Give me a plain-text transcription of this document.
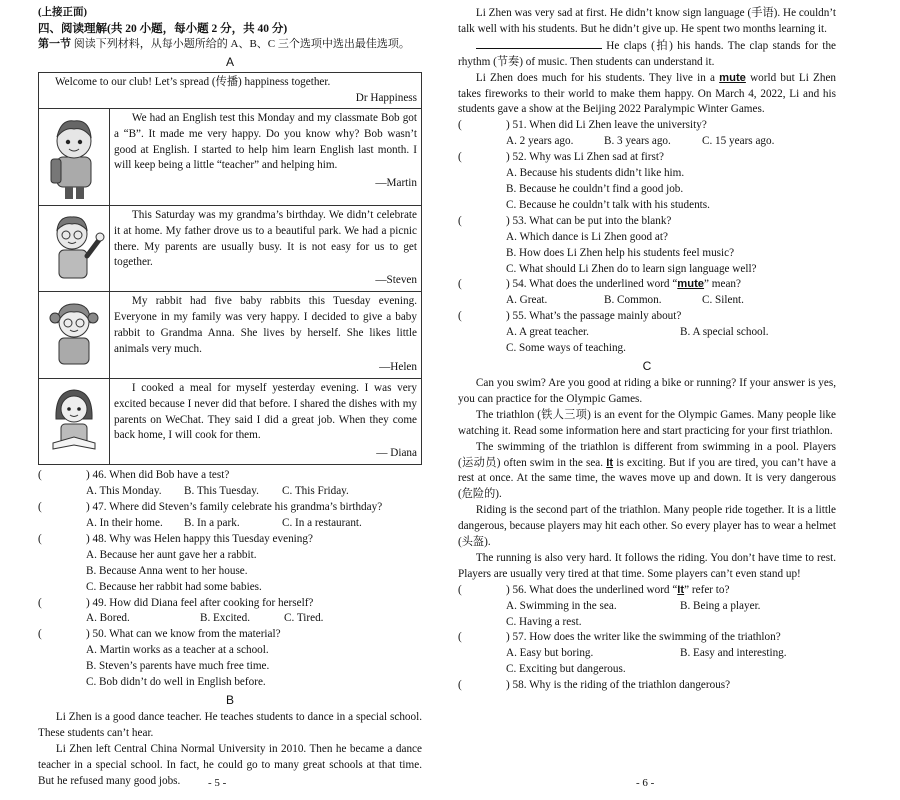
(上接正面)

四、阅读理解(共 20 小题，每小题 2 分，共 40 分)

第一节 阅读下列材料，从每小题所给的 A、B、C 三个选项中选出最佳选项。

A

Welcome to our club! Let’s spread (传播) happiness together.

Dr Happiness	

We had an English test this Monday and my classmate Bob got a “B”. It made me very happy. Do you know why? Bob wasn’t good at English. I started to help him learn English last month. I will keep being a little “teacher” and helping him.

—Martin

This Saturday was my grandma’s birthday. We didn’t celebrate it at home. My father drove us to a beautiful park. We had a picnic there. My parents are usually busy. It is not easy for us to get together.

—Steven

My rabbit had five baby rabbits this Tuesday evening. Everyone in my family was very happy. I decided to give a baby rabbit to Grandma Anna. She lives by herself. She likes little animals very much.

—Helen

I cooked a meal for myself yesterday evening. I was very excited because I never did that before. I shared the dishes with my parents on WeChat. They said I did a great job. When they come back home, I will cook for them.

— Diana

(	) 46. When did Bob have a test?
A. This Monday.	B. This Tuesday.	C. This Friday.
(	) 47. Where did Steven’s family celebrate his grandma’s birthday?
A. In their home.	B. In a park.	C. In a restaurant.
(	) 48. Why was Helen happy this Tuesday evening?

A. Because her aunt gave her a rabbit.

B. Because Anna went to her house.

C. Because her rabbit had some babies.

(	) 49. How did Diana feel after cooking for herself?
A. Bored.	B. Excited.	C. Tired.
(	) 50. What can we know from the material?

A. Martin works as a teacher at a school.

B. Steven’s parents have much free time.

C. Bob didn’t do well in English before.

B

Li Zhen is a good dance teacher. He teaches students to dance in a special school. These students can’t hear.

Li Zhen left Central China Normal University in 2010. Then he became a dance teacher in a special school. In fact, he could go to many great schools at that time. But he refused many good jobs.	- 5 -

Li Zhen was very sad at first. He didn’t know sign language (手语). He couldn’t talk well with his students. But he didn’t give up. He spent two months learning it.

He claps (拍) his hands. The clap stands for the rhythm (节奏) of music. Then students can understand it.

Li Zhen does much for his students. They live in a mute world but Li Zhen takes fireworks to their world to make them happy. On March 4, 2022, Li and his students gave a show at the Beijing 2022 Paralympic Winter Games.

(	) 51. When did Li Zhen leave the university?
A. 2 years ago.	B. 3 years ago.	C. 15 years ago.
(	) 52. Why was Li Zhen sad at first?

A. Because his students didn’t like him.

B. Because he couldn’t find a good job.

C. Because he couldn’t talk with his students.

(	) 53. What can be put into the blank?

A. Which dance is Li Zhen good at?

B. How does Li Zhen help his students feel music?

C. What should Li Zhen do to learn sign language well?

(	) 54. What does the underlined word “mute” mean?
A. Great.	B. Common.	C. Silent.
(	) 55. What’s the passage mainly about?
A. A great teacher.	B. A special school.

C. Some ways of teaching.

C

Can you swim? Are you good at riding a bike or running? If your answer is yes, you can practice for the Olympic Games.

The triathlon (铁人三项) is an event for the Olympic Games. Many people like watching it. Read some information here and start practicing for your first triathlon.

The swimming of the triathlon is different from swimming in a pool. Players (运动员) often swim in the sea. It is exciting. But if you are tired, you can’t have a rest at once. At the same time, the waves move up and down. It is very dangerous (危险的).

Riding is the second part of the triathlon. Many people ride together. It is a little dangerous, because players may hit each other. So every player has to wear a helmet (头盔).

The running is also very hard. It follows the riding. You don’t have time to rest. Players are usually very tired at that time. Some players can’t even stand up!

(	) 56. What does the underlined word “It” refer to?
A. Swimming in the sea.	B. Being a player.

C. Having a rest.

(	) 57. How does the writer like the swimming of the triathlon?
A. Easy but boring.	B. Easy and interesting.

C. Exciting but dangerous.

(	) 58. Why is the riding of the triathlon dangerous?

- 6 -
